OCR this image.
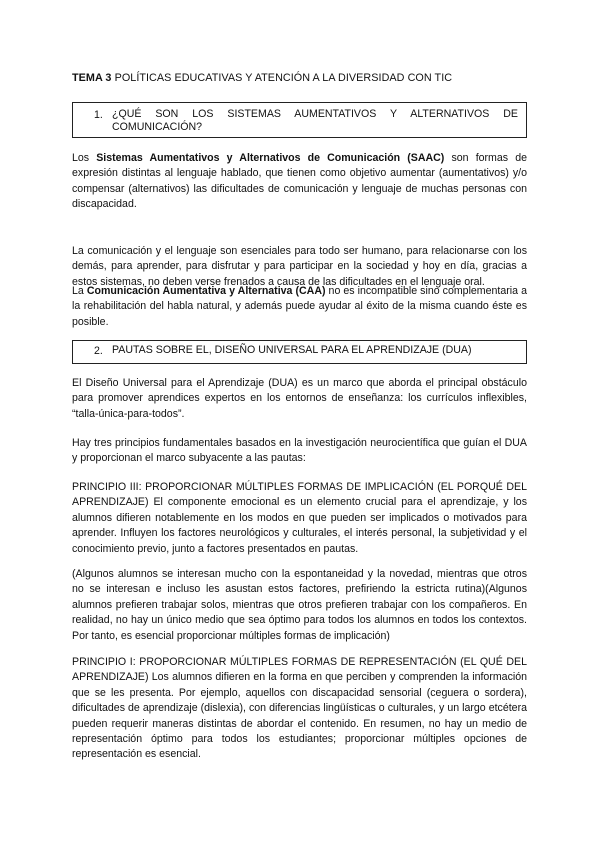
TEMA 3 POLÍTICAS EDUCATIVAS Y ATENCIÓN A LA DIVERSIDAD CON TIC
1. ¿QUÉ SON LOS SISTEMAS AUMENTATIVOS Y ALTERNATIVOS DE COMUNICACIÓN?

Los Sistemas Aumentativos y Alternativos de Comunicación (SAAC) son formas de expresión distintas al lenguaje hablado, que tienen como objetivo aumentar (aumentativos) y/o compensar (alternativos) las dificultades de comunicación y lenguaje de muchas personas con discapacidad.

La comunicación y el lenguaje son esenciales para todo ser humano, para relacionarse con los demás, para aprender, para disfrutar y para participar en la sociedad y hoy en día, gracias a estos sistemas, no deben verse frenados a causa de las dificultades en el lenguaje oral.

La Comunicación Aumentativa y Alternativa (CAA) no es incompatible sino complementaria a la rehabilitación del habla natural, y además puede ayudar al éxito de la misma cuando éste es posible.

2. PAUTAS SOBRE EL, DISEÑO UNIVERSAL PARA EL APRENDIZAJE (DUA)

El Diseño Universal para el Aprendizaje (DUA) es un marco que aborda el principal obstáculo para promover aprendices expertos en los entornos de enseñanza: los currículos inflexibles, “talla-única-para-todos”.

Hay tres principios fundamentales basados en la investigación neurocientífica que guían el DUA y proporcionan el marco subyacente a las pautas:

PRINCIPIO III: PROPORCIONAR MÚLTIPLES FORMAS DE IMPLICACIÓN (EL PORQUÉ DEL APRENDIZAJE) El componente emocional es un elemento crucial para el aprendizaje, y los alumnos difieren notablemente en los modos en que pueden ser implicados o motivados para aprender. Influyen los factores neurológicos y culturales, el interés personal, la subjetividad y el conocimiento previo, junto a factores presentados en pautas.

(Algunos alumnos se interesan mucho con la espontaneidad y la novedad, mientras que otros no se interesan e incluso les asustan estos factores, prefiriendo la estricta rutina)(Algunos alumnos prefieren trabajar solos, mientras que otros prefieren trabajar con los compañeros. En realidad, no hay un único medio que sea óptimo para todos los alumnos en todos los contextos. Por tanto, es esencial proporcionar múltiples formas de implicación)

PRINCIPIO I: PROPORCIONAR MÚLTIPLES FORMAS DE REPRESENTACIÓN (EL QUÉ DEL APRENDIZAJE) Los alumnos difieren en la forma en que perciben y comprenden la información que se les presenta. Por ejemplo, aquellos con discapacidad sensorial (ceguera o sordera), dificultades de aprendizaje (dislexia), con diferencias lingüísticas o culturales, y un largo etcétera pueden requerir maneras distintas de abordar el contenido. En resumen, no hay un medio de representación óptimo para todos los estudiantes; proporcionar múltiples opciones de representación es esencial.
